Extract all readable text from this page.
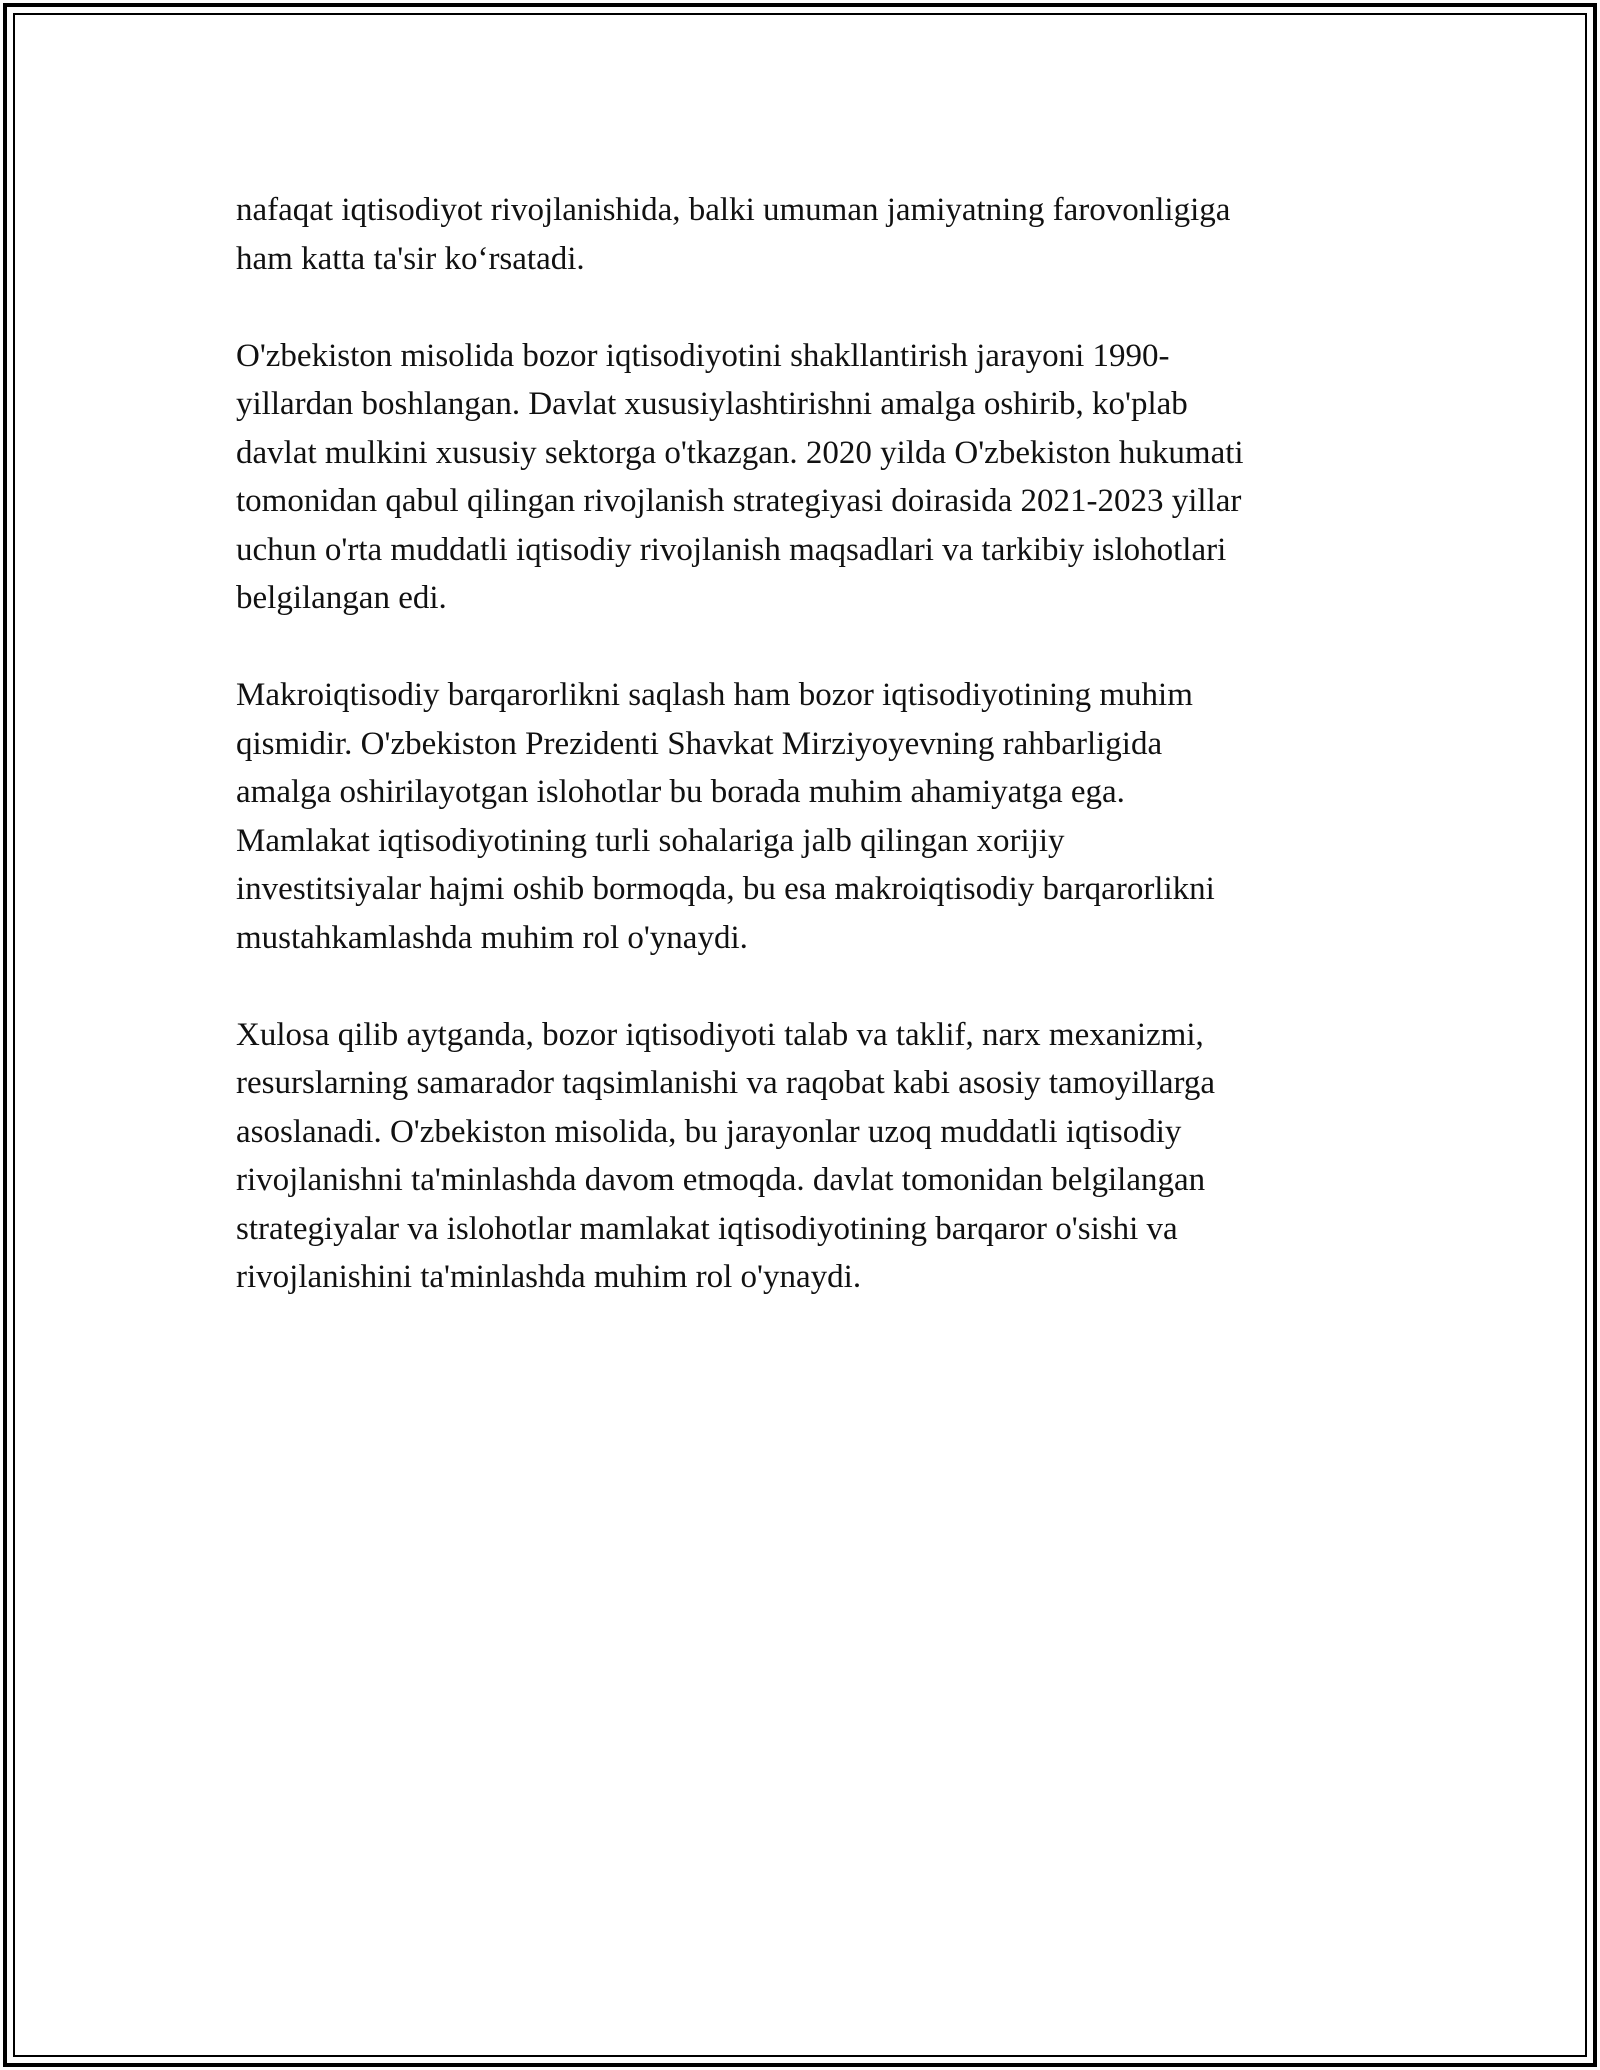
nafaqat iqtisodiyot rivojlanishida, balki umuman jamiyatning farovonligiga
ham katta ta'sir ko‘rsatadi.

O'zbekiston misolida bozor iqtisodiyotini shakllantirish jarayoni 1990-
yillardan boshlangan. Davlat xususiylashtirishni amalga oshirib, ko'plab
davlat mulkini xususiy sektorga o'tkazgan. 2020 yilda O'zbekiston hukumati
tomonidan qabul qilingan rivojlanish strategiyasi doirasida 2021-2023 yillar
uchun o'rta muddatli iqtisodiy rivojlanish maqsadlari va tarkibiy islohotlari
belgilangan edi.

Makroiqtisodiy barqarorlikni saqlash ham bozor iqtisodiyotining muhim
qismidir. O'zbekiston Prezidenti Shavkat Mirziyoyevning rahbarligida
amalga oshirilayotgan islohotlar bu borada muhim ahamiyatga ega.
Mamlakat iqtisodiyotining turli sohalariga jalb qilingan xorijiy
investitsiyalar hajmi oshib bormoqda, bu esa makroiqtisodiy barqarorlikni
mustahkamlashda muhim rol o'ynaydi.

Xulosa qilib aytganda, bozor iqtisodiyoti talab va taklif, narx mexanizmi,
resurslarning samarador taqsimlanishi va raqobat kabi asosiy tamoyillarga
asoslanadi. O'zbekiston misolida, bu jarayonlar uzoq muddatli iqtisodiy
rivojlanishni ta'minlashda davom etmoqda. davlat tomonidan belgilangan
strategiyalar va islohotlar mamlakat iqtisodiyotining barqaror o'sishi va
rivojlanishini ta'minlashda muhim rol o'ynaydi.
